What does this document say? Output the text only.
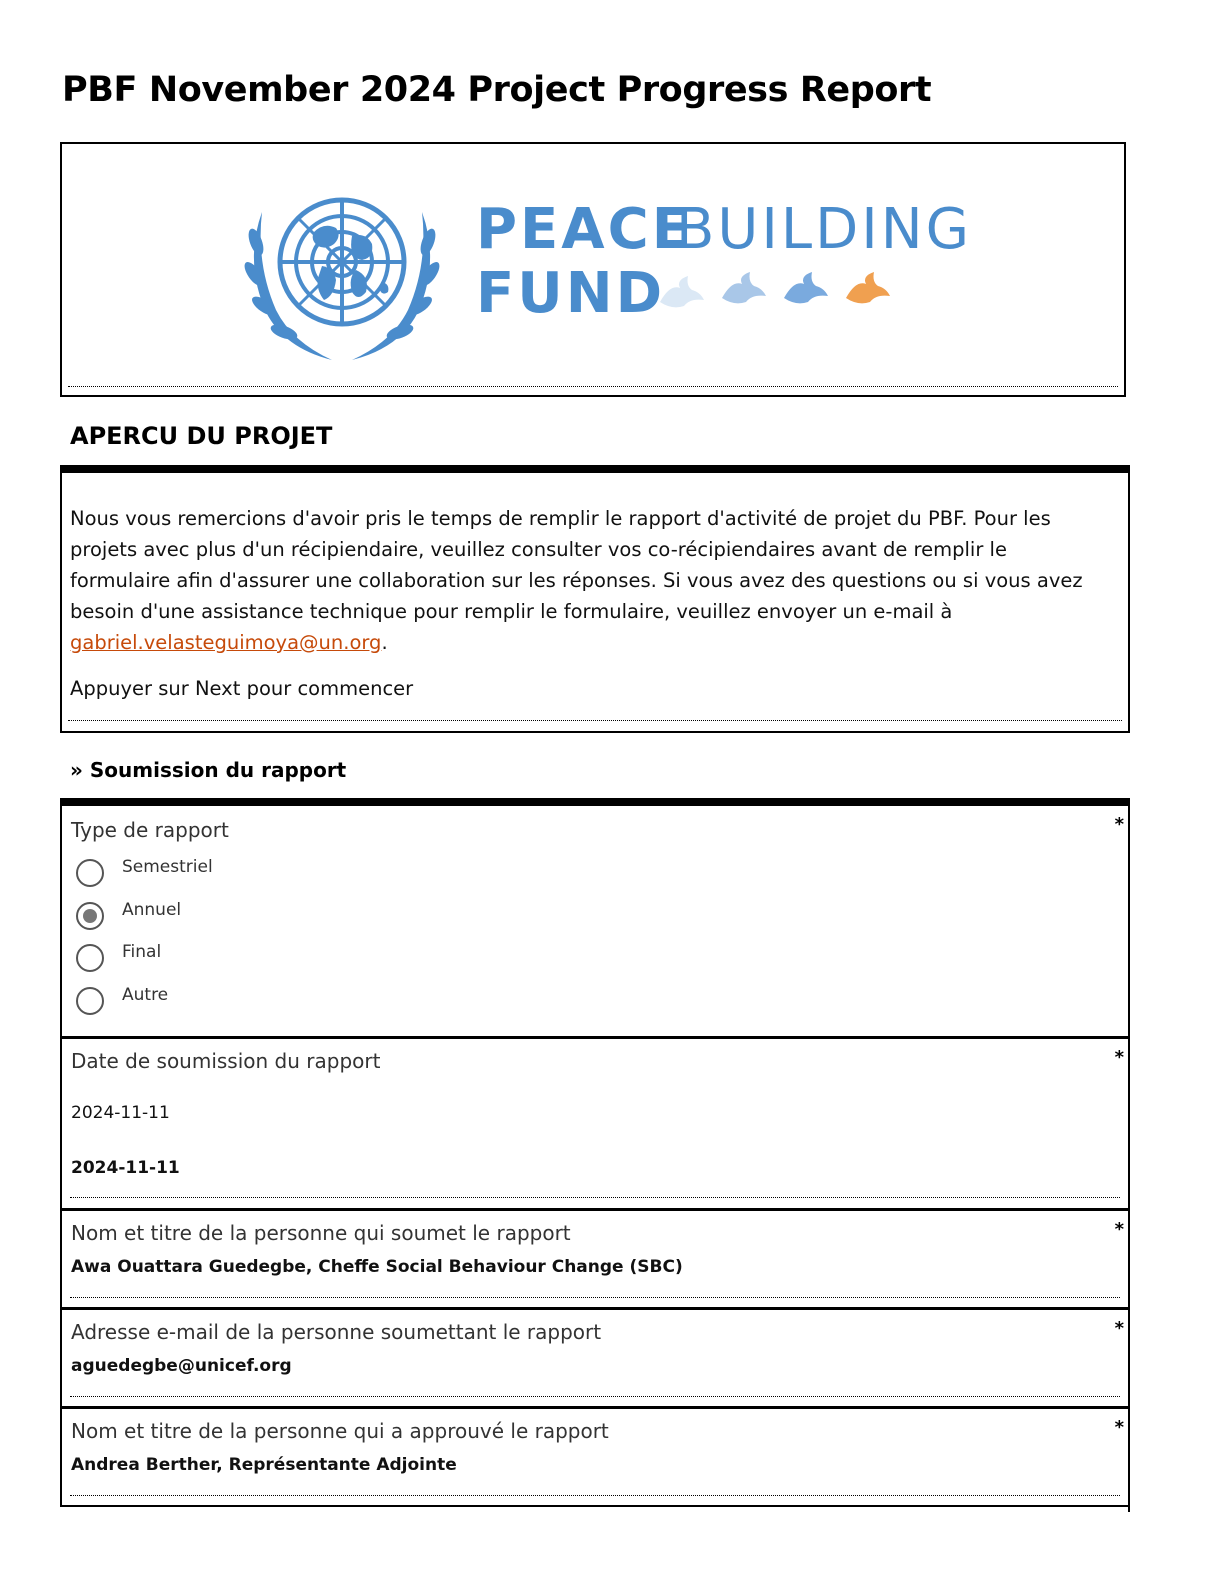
PBF November 2024 Project Progress Report
PEACE
BUILDING
FUND
APERCU DU PROJET

Nous vous remercions d'avoir pris le temps de remplir le rapport d'activité de projet du PBF. Pour les projets avec plus d'un récipiendaire, veuillez consulter vos co-récipiendaires avant de remplir le formulaire afin d'assurer une collaboration sur les réponses. Si vous avez des questions ou si vous avez besoin d'une assistance technique pour remplir le formulaire, veuillez envoyer un e-mail à
gabriel.velasteguimoya@un.org.

Appuyer sur Next pour commencer

» Soumission du rapport

Type de rapport	*
Semestriel
Annuel
Final
Autre

Date de soumission du rapport	*

2024-11-11

2024-11-11

Nom et titre de la personne qui soumet le rapport	*

Awa Ouattara Guedegbe, Cheffe Social Behaviour Change (SBC)

Adresse e-mail de la personne soumettant le rapport	*

aguedegbe@unicef.org

Nom et titre de la personne qui a approuvé le rapport	*

Andrea Berther, Représentante Adjointe
